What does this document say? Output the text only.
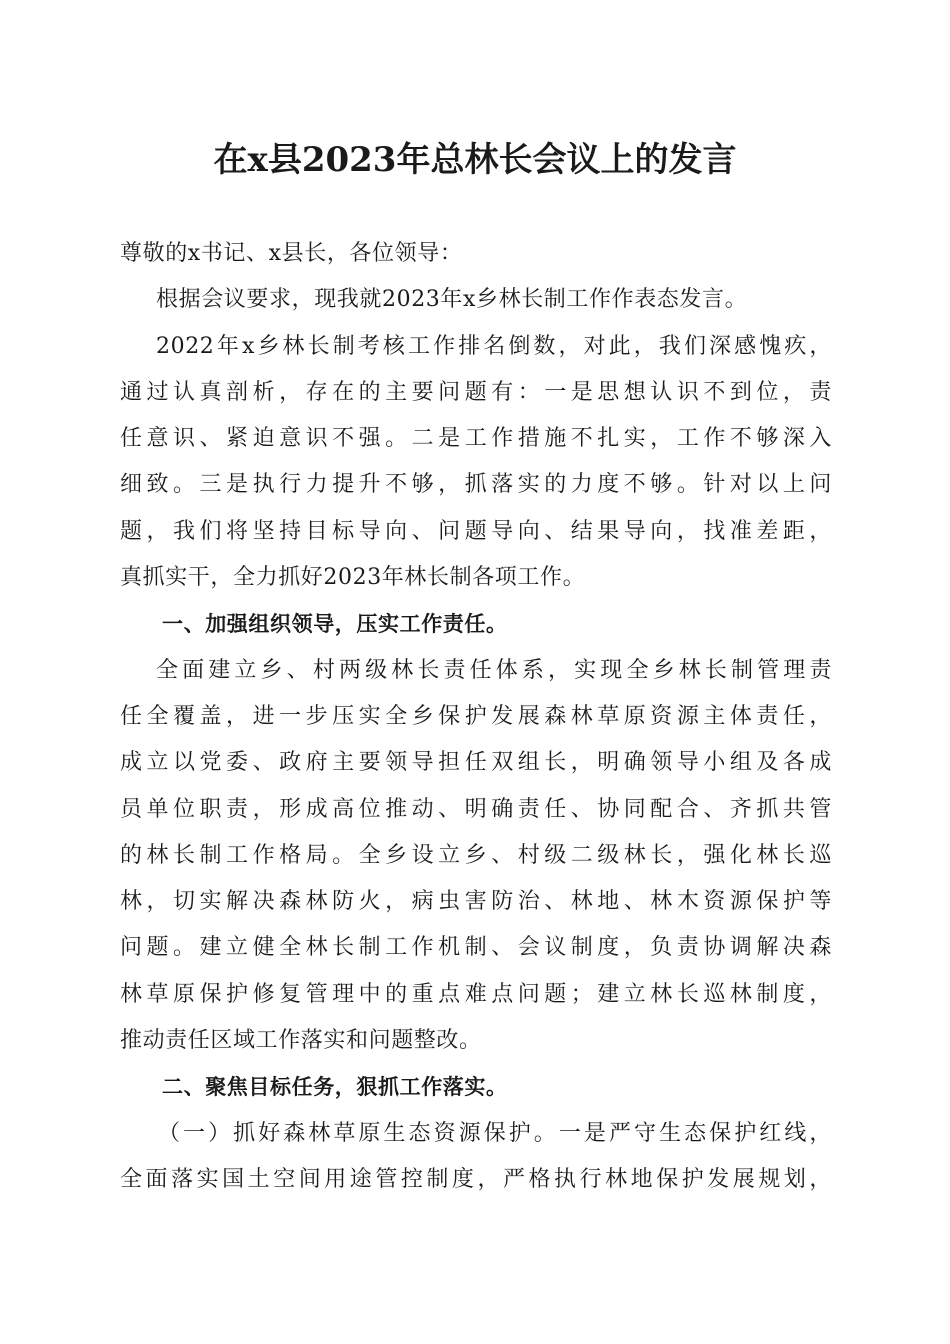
在x县2023年总林长会议上的发言
尊敬的x书记、x县长，各位领导：
根据会议要求，现我就2023年x乡林长制工作作表态发言。
2022年x乡林长制考核工作排名倒数，对此，我们深感愧疚，
通过认真剖析，存在的主要问题有：一是思想认识不到位，责
任意识、紧迫意识不强。二是工作措施不扎实，工作不够深入
细致。三是执行力提升不够，抓落实的力度不够。针对以上问
题，我们将坚持目标导向、问题导向、结果导向，找准差距，
真抓实干，全力抓好2023年林长制各项工作。
一、加强组织领导，压实工作责任。
全面建立乡、村两级林长责任体系，实现全乡林长制管理责
任全覆盖，进一步压实全乡保护发展森林草原资源主体责任，
成立以党委、政府主要领导担任双组长，明确领导小组及各成
员单位职责，形成高位推动、明确责任、协同配合、齐抓共管
的林长制工作格局。全乡设立乡、村级二级林长，强化林长巡
林，切实解决森林防火，病虫害防治、林地、林木资源保护等
问题。建立健全林长制工作机制、会议制度，负责协调解决森
林草原保护修复管理中的重点难点问题；建立林长巡林制度，
推动责任区域工作落实和问题整改。
二、聚焦目标任务，狠抓工作落实。
（一）抓好森林草原生态资源保护。一是严守生态保护红线，
全面落实国土空间用途管控制度，严格执行林地保护发展规划，
